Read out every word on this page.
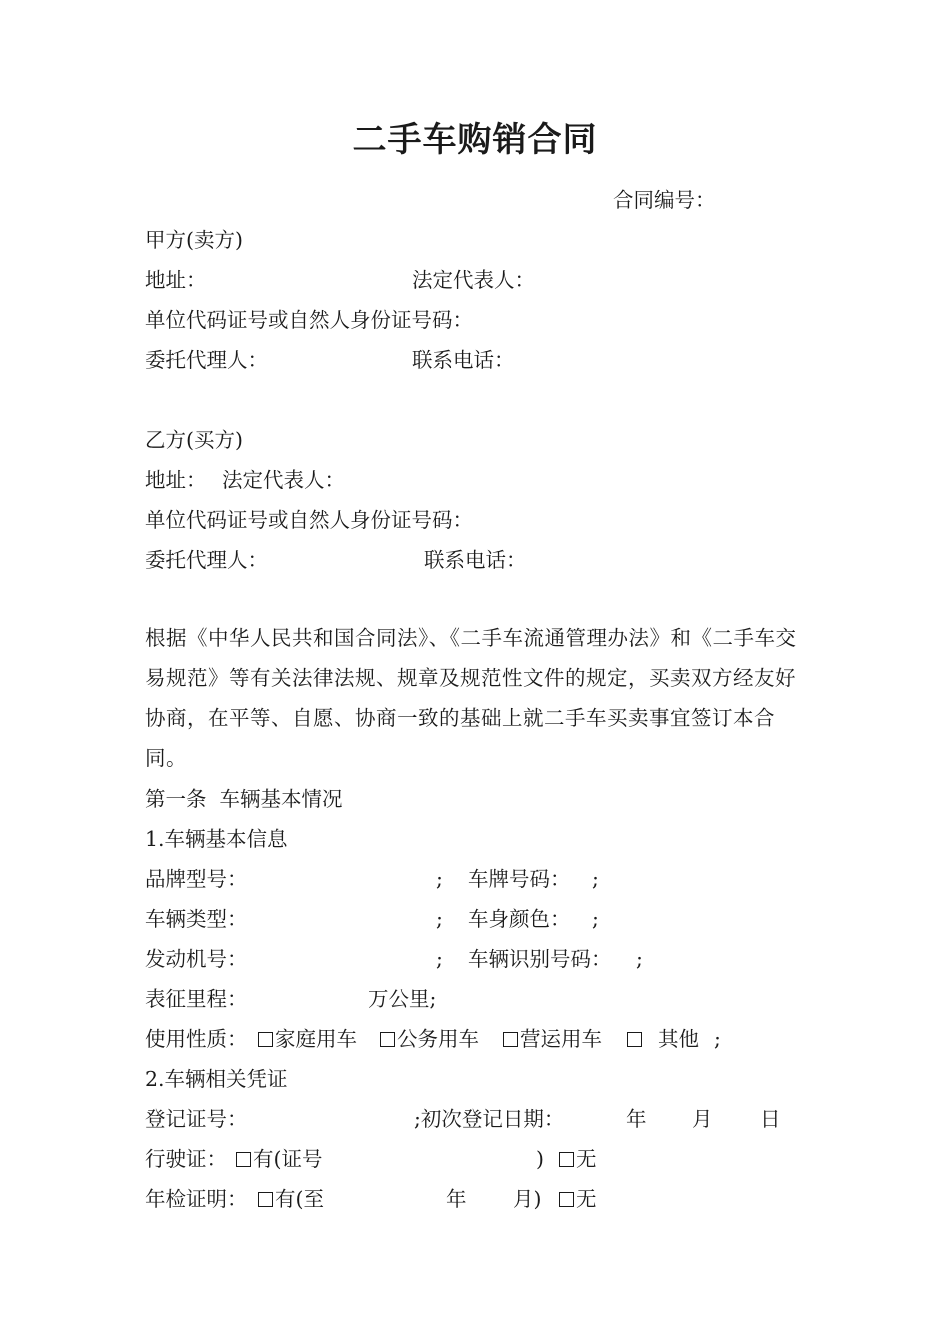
二手车购销合同
合同编号：
甲方(卖方)
地址：	法定代表人：
单位代码证号或自然人身份证号码：
委托代理人：	联系电话：
乙方(买方)
地址： 法定代表人：
单位代码证号或自然人身份证号码：
委托代理人：	联系电话：
根据《中华人民共和国合同法》、《二手车流通管理办法》和《二手车交易规范》等有关法律法规、规章及规范性文件的规定，买卖双方经友好协商，在平等、自愿、协商一致的基础上就二手车买卖事宜签订本合同。
第一条  车辆基本情况
1.车辆基本信息
品牌型号：	; 车牌号码： ;
车辆类型：	; 车身颜色： ;
发动机号：	; 车辆识别号码： ;
表征里程：	万公里;
使用性质：	家庭用车	公务用车	营运用车	其他 ;
2.车辆相关凭证
登记证号：	;初次登记日期：	年 月 日
行驶证：	有(证号	)	无
年检证明：	有(至	年 月)	无
